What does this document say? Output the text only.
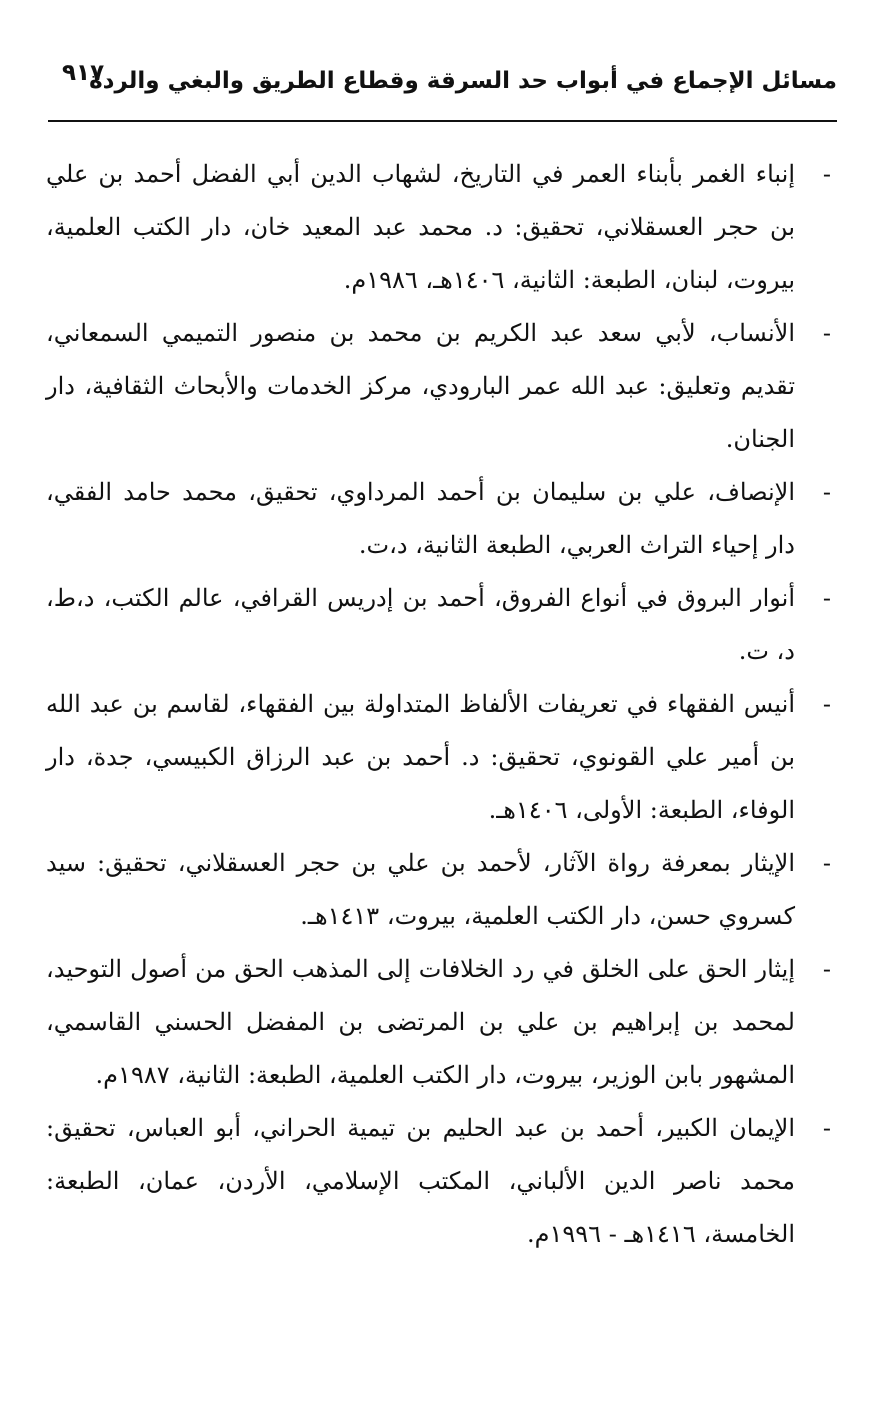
مسائل الإجماع في أبواب حد السرقة وقطاع الطريق والبغي والردة
٩١٧

-
إنباء الغمر بأبناء العمر في التاريخ، لشهاب الدين أبي الفضل أحمد بن علي بن حجر العسقلاني، تحقيق: د. محمد عبد المعيد خان، دار الكتب العلمية، بيروت، لبنان، الطبعة: الثانية، ١٤٠٦هـ، ١٩٨٦م.

-
الأنساب، لأبي سعد عبد الكريم بن محمد بن منصور التميمي السمعاني، تقديم وتعليق: عبد الله عمر البارودي، مركز الخدمات والأبحاث الثقافية، دار الجنان.

-
الإنصاف، علي بن سليمان بن أحمد المرداوي، تحقيق، محمد حامد الفقي، دار إحياء التراث العربي، الطبعة الثانية، د،ت.

-
أنوار البروق في أنواع الفروق، أحمد بن إدريس القرافي، عالم الكتب، د،ط، د، ت.

-
أنيس الفقهاء في تعريفات الألفاظ المتداولة بين الفقهاء، لقاسم بن عبد الله بن أمير علي القونوي، تحقيق: د. أحمد بن عبد الرزاق الكبيسي، جدة، دار الوفاء، الطبعة: الأولى، ١٤٠٦هـ.

-
الإيثار بمعرفة رواة الآثار، لأحمد بن علي بن حجر العسقلاني، تحقيق: سيد كسروي حسن، دار الكتب العلمية، بيروت، ١٤١٣هـ.

-
إيثار الحق على الخلق في رد الخلافات إلى المذهب الحق من أصول التوحيد، لمحمد بن إبراهيم بن علي بن المرتضى بن المفضل الحسني القاسمي، المشهور بابن الوزير، بيروت، دار الكتب العلمية، الطبعة: الثانية، ١٩٨٧م.

-
الإيمان الكبير، أحمد بن عبد الحليم بن تيمية الحراني، أبو العباس، تحقيق: محمد ناصر الدين الألباني، المكتب الإسلامي، الأردن، عمان، الطبعة: الخامسة، ١٤١٦هـ - ١٩٩٦م.
